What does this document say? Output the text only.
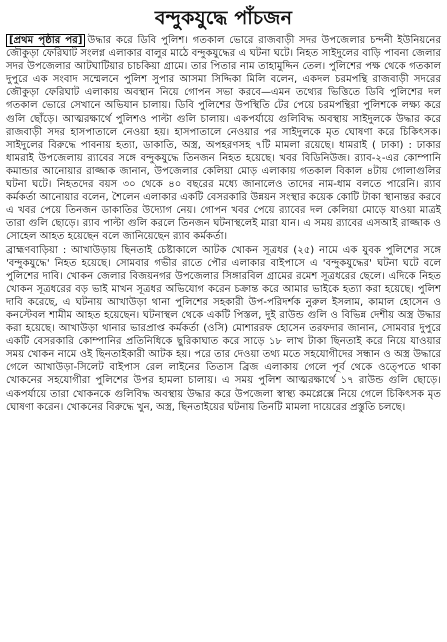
বন্দুকযুদ্ধে পাঁচজন

[প্রথম পৃষ্ঠার পর] উদ্ধার করে ডিবি পুলিশ। গতকাল ভোরে রাজবাড়ী সদর উপজেলার চন্দনী ইউনিয়নের জৌকুড়া ফেরিঘাট সংলগ্ন এলাকার বালুর মাঠে বন্দুকযুদ্ধের এ ঘটনা ঘটে। নিহত সাইদুলের বাড়ি পাবনা জেলার সদর উপজেলার আটঘাটিয়ার চাচকিয়া গ্রামে। তার পিতার নাম তাহামুদ্দিন তেল। পুলিশের পক্ষ থেকে গতকাল দুপুরে এক সংবাদ সম্মেলনে পুলিশ সুপার আসমা সিদ্দিকা মিলি বলেন, একদল চরমপন্থি রাজবাড়ী সদরের জৌকুড়া ফেরিঘাট এলাকায় অবস্থান নিয়ে গোপন সভা করবে—এমন তথ্যের ভিত্তিতে ডিবি পুলিশের দল গতকাল ভোরে সেখানে অভিযান চালায়। ডিবি পুলিশের উপস্থিতি টের পেয়ে চরমপন্থিরা পুলিশকে লক্ষ্য করে গুলি ছোঁড়ে। আত্মরক্ষার্থে পুলিশও পাল্টা গুলি চালায়। একপর্যায়ে গুলিবিদ্ধ অবস্থায় সাইদুলকে উদ্ধার করে রাজবাড়ী সদর হাসপাতালে নেওয়া হয়। হাসপাতালে নেওয়ার পর সাইদুলকে মৃত ঘোষণা করে চিকিৎসক। সাইদুলের বিরুদ্ধে পাবনায় হত্যা, ডাকাতি, অস্ত্র, অপহরণসহ ৭টি মামলা রয়েছে। ধামরাই ( ঢাকা) : ঢাকার ধামরাই উপজেলায় র‌্যাবের সঙ্গে বন্দুকযুদ্ধে তিনজন নিহত হয়েছে। খবর বিডিনিউজ। র‌্যাব-২-এর কোম্পানি কমান্ডার আনোয়ার রাজ্জাক জানান, উপজেলার কেলিয়া মোড় এলাকায় গতকাল বিকাল ৪টায় গোলাগুলির ঘটনা ঘটে। নিহতদের বয়স ৩০ থেকে ৪০ বছরের মধ্যে জানালেও তাদের নাম-ধাম বলতে পারেনি। র‌্যাব কর্মকর্তা আনোয়ার বলেন, শৈলেন এলাকার একটি বেসরকারি উন্নয়ন সংস্থার কয়েক কোটি টাকা স্থানান্তর করবে এ খবর পেয়ে তিনজন ডাকাতির উদ্যোগ নেয়। গোপন খবর পেয়ে র‌্যাবের দল কেলিয়া মোড়ে যাওয়া মাত্রই তারা গুলি ছোড়ে। র‌্যাব পাল্টা গুলি করলে তিনজন ঘটনাস্থলেই মারা যান। এ সময় র‌্যাবের এসআই রাজ্জাক ও সোহেল আহত হয়েছেন বলে জানিয়েছেন র‌্যাব কর্মকর্তা।

ব্রাহ্মণবাড়িয়া : আখাউড়ায় ছিনতাই চেষ্টাকালে আটক খোকন সূত্রধর (২৫) নামে এক যুবক পুলিশের সঙ্গে 'বন্দুকযুদ্ধে' নিহত হয়েছে। সোমবার গভীর রাতে পৌর এলাকার বাইপাসে এ 'বন্দুকযুদ্ধের' ঘটনা ঘটে বলে পুলিশের দাবি। খোকন জেলার বিজয়নগর উপজেলার সিঙ্গারবিল গ্রামের রমেশ সূত্রধরের ছেলে। এদিকে নিহত খোকন সূত্রধরের বড় ভাই মাখন সূত্রধর অভিযোগ করেন চক্রান্ত করে আমার ভাইকে হত্যা করা হয়েছে। পুলিশ দাবি করেছে, এ ঘটনায় আখাউড়া থানা পুলিশের সহকারী উপ-পরিদর্শক নুরুল ইসলাম, কামাল হোসেন ও কনস্টেবল শামীম আহত হয়েছেন। ঘটনাস্থল থেকে একটি পিস্তল, দুই রাউন্ড গুলি ও বিভিন্ন দেশীয় অস্ত্র উদ্ধার করা হয়েছে। আখাউড়া থানার ভারপ্রাপ্ত কর্মকর্তা (ওসি) মোশাররফ হোসেন তরফদার জানান, সোমবার দুপুরে একটি বেসরকারি কোম্পানির প্রতিনিধিকে ছুরিকাঘাত করে সাড়ে ১৮ লাখ টাকা ছিনতাই করে নিয়ে যাওয়ার সময় খোকন নামে ওই ছিনতাইকারী আটক হয়। পরে তার দেওয়া তথ্য মতে সহযোগীদের সন্ধান ও অস্ত্র উদ্ধারে গেলে আখাউড়া-সিলেট বাইপাস রেল লাইনের তিতাস ব্রিজ এলাকায় গেলে পূর্ব থেকে ওত্পেতে থাকা খোকনের সহযোগীরা পুলিশের উপর হামলা চালায়। এ সময় পুলিশ আত্মরক্ষার্থে ১৭ রাউন্ড গুলি ছোড়ে। একপর্যায়ে তারা খোকনকে গুলিবিদ্ধ অবস্থায় উদ্ধার করে উপজেলা স্বাস্থ্য কমপ্লেক্সে নিয়ে গেলে চিকিৎসক মৃত ঘোষণা করেন। খোকনের বিরুদ্ধে খুন, অস্ত্র, ছিনতাইয়ের ঘটনায় তিনটি মামলা দায়েরের প্রস্তুতি চলছে।
